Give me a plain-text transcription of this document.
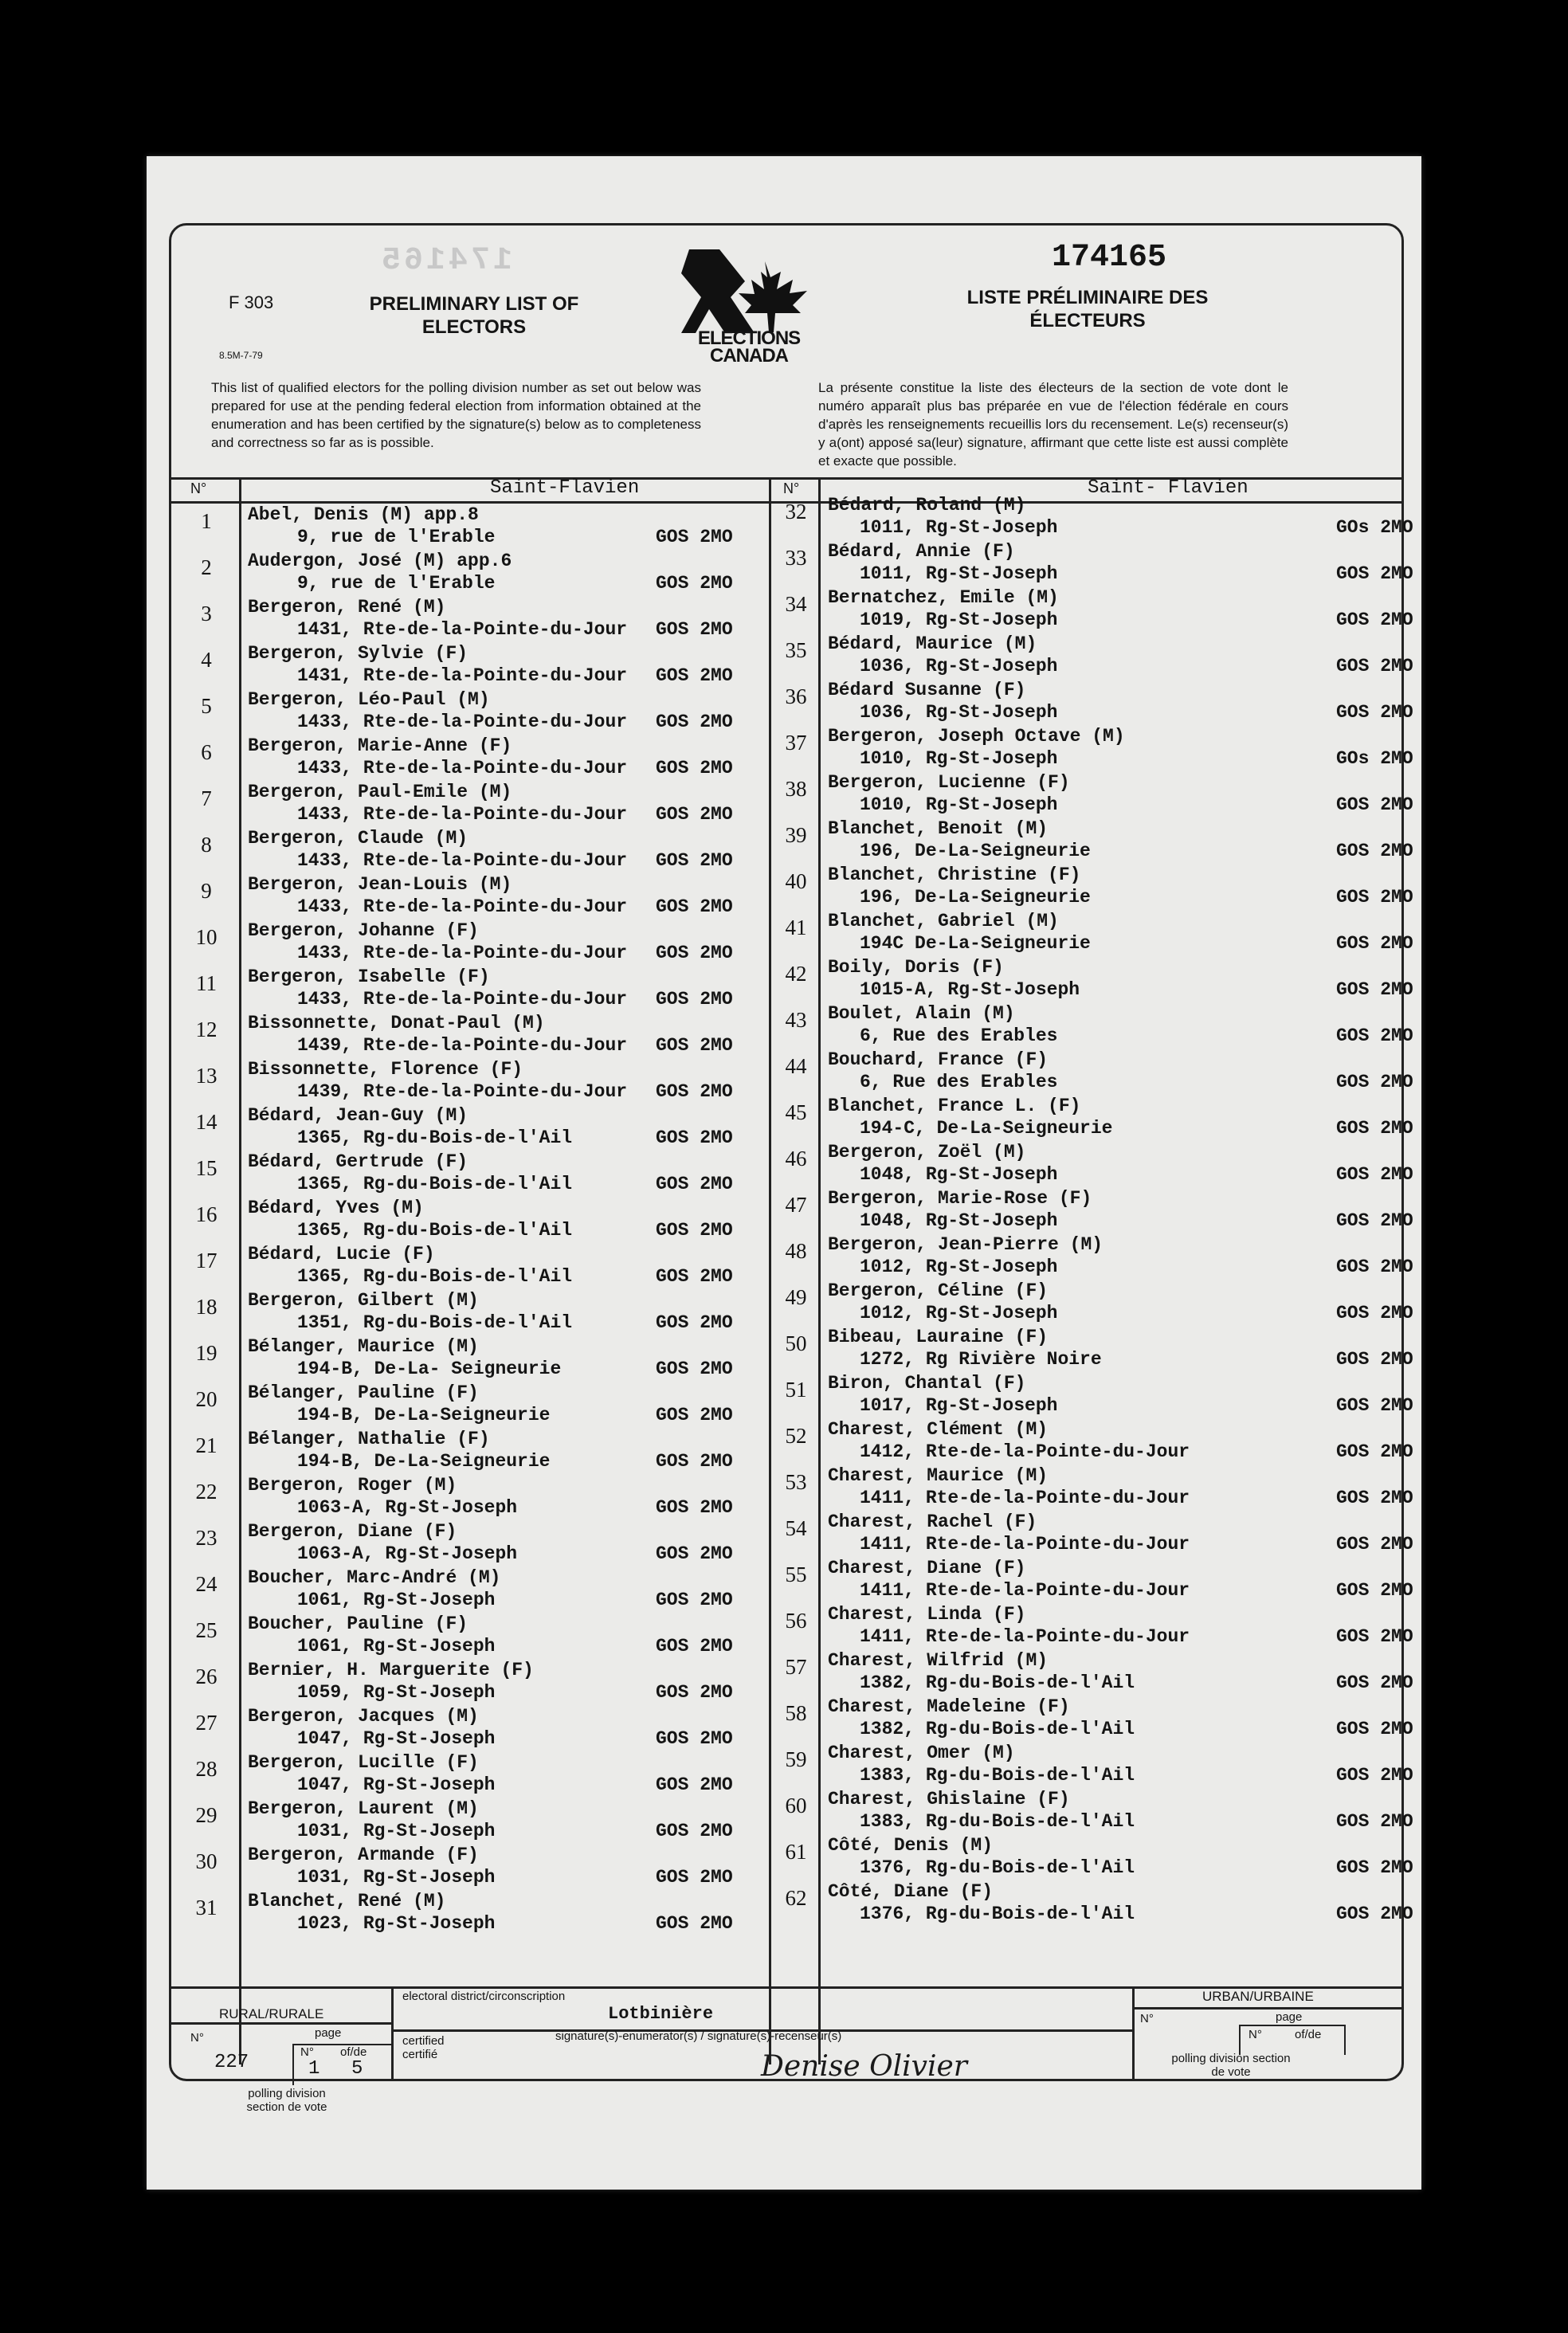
174165
F 303
8.5M-7-79
PRELIMINARY LIST OF ELECTORS
ELECTIONS
CANADA
174165
LISTE PRÉLIMINAIRE DES ÉLECTEURS
This list of qualified electors for the polling division number as set out below was prepared for use at the pending federal election from information obtained at the enumeration and has been certified by the signature(s) below as to completeness and correctness so far as is possible.
La présente constitue la liste des électeurs de la section de vote dont le numéro apparaît plus bas préparée en vue de l'élection fédérale en cours d'après les renseignements recueillis lors du recensement. Le(s) recenseur(s) y a(ont) apposé sa(leur) signature, affirmant que cette liste est aussi complète et exacte que possible.
N°	N°
Saint-Flavien	Saint- Flavien
1	Abel, Denis (M) app.8
9, rue de l'Erable	GOS 2MO
2	Audergon, José (M) app.6
9, rue de l'Erable	GOS 2MO
3	Bergeron, René (M)
1431, Rte-de-la-Pointe-du-Jour GOS 2MO
4	Bergeron, Sylvie (F)
1431, Rte-de-la-Pointe-du-Jour GOS 2MO
5	Bergeron, Léo-Paul (M)
1433, Rte-de-la-Pointe-du-Jour GOS 2MO
6	Bergeron, Marie-Anne (F)
1433, Rte-de-la-Pointe-du-Jour GOS 2MO
7	Bergeron, Paul-Emile (M)
1433, Rte-de-la-Pointe-du-Jour GOS 2MO
8	Bergeron, Claude (M)
1433, Rte-de-la-Pointe-du-Jour GOS 2MO
9	Bergeron, Jean-Louis (M)
1433, Rte-de-la-Pointe-du-Jour GOS 2MO
10	Bergeron, Johanne (F)
1433, Rte-de-la-Pointe-du-Jour GOS 2MO
11	Bergeron, Isabelle (F)
1433, Rte-de-la-Pointe-du-Jour GOS 2MO
12	Bissonnette, Donat-Paul (M)
1439, Rte-de-la-Pointe-du-Jour GOS 2MO
13	Bissonnette, Florence (F)
1439, Rte-de-la-Pointe-du-Jour GOS 2MO
14	Bédard, Jean-Guy (M)
1365, Rg-du-Bois-de-l'Ail	GOS 2MO
15	Bédard, Gertrude (F)
1365, Rg-du-Bois-de-l'Ail	GOS 2MO
16	Bédard, Yves (M)
1365, Rg-du-Bois-de-l'Ail	GOS 2MO
17	Bédard, Lucie (F)
1365, Rg-du-Bois-de-l'Ail	GOS 2MO
18	Bergeron, Gilbert (M)
1351, Rg-du-Bois-de-l'Ail	GOS 2MO
19	Bélanger, Maurice (M)
194-B, De-La- Seigneurie	GOS 2MO
20	Bélanger, Pauline (F)
194-B, De-La-Seigneurie	GOS 2MO
21	Bélanger, Nathalie (F)
194-B, De-La-Seigneurie	GOS 2MO
22	Bergeron, Roger (M)
1063-A, Rg-St-Joseph	GOS 2MO
23	Bergeron, Diane (F)
1063-A, Rg-St-Joseph	GOS 2MO
24	Boucher, Marc-André (M)
1061, Rg-St-Joseph	GOS 2MO
25	Boucher, Pauline (F)
1061, Rg-St-Joseph	GOS 2MO
26	Bernier, H. Marguerite (F)
1059, Rg-St-Joseph	GOS 2MO
27	Bergeron, Jacques (M)
1047, Rg-St-Joseph	GOS 2MO
28	Bergeron, Lucille (F)
1047, Rg-St-Joseph	GOS 2MO
29	Bergeron, Laurent (M)
1031, Rg-St-Joseph	GOS 2MO
30	Bergeron, Armande (F)
1031, Rg-St-Joseph	GOS 2MO
31	Blanchet, René (M)
1023, Rg-St-Joseph	GOS 2MO
32	Bédard, Roland (M)
1011, Rg-St-Joseph	GOs 2MO
33	Bédard, Annie (F)
1011, Rg-St-Joseph	GOS 2MO
34	Bernatchez, Emile (M)
1019, Rg-St-Joseph	GOS 2MO
35	Bédard, Maurice (M)
1036, Rg-St-Joseph	GOS 2MO
36	Bédard Susanne (F)
1036, Rg-St-Joseph	GOS 2MO
37	Bergeron, Joseph Octave (M)
1010, Rg-St-Joseph	GOs 2MO
38	Bergeron, Lucienne (F)
1010, Rg-St-Joseph	GOS 2MO
39	Blanchet, Benoit (M)
196, De-La-Seigneurie	GOS 2MO
40	Blanchet, Christine (F)
196, De-La-Seigneurie	GOS 2MO
41	Blanchet, Gabriel (M)
194C De-La-Seigneurie	GOS 2MO
42	Boily, Doris (F)
1015-A, Rg-St-Joseph	GOS 2MO
43	Boulet, Alain (M)
6, Rue des Erables	GOS 2MO
44	Bouchard, France (F)
6, Rue des Erables	GOS 2MO
45	Blanchet, France L. (F)
194-C, De-La-Seigneurie	GOS 2MO
46	Bergeron, Zoël (M)
1048, Rg-St-Joseph	GOS 2MO
47	Bergeron, Marie-Rose (F)
1048, Rg-St-Joseph	GOS 2MO
48	Bergeron, Jean-Pierre (M)
1012, Rg-St-Joseph	GOS 2MO
49	Bergeron, Céline (F)
1012, Rg-St-Joseph	GOS 2MO
50	Bibeau, Lauraine (F)
1272, Rg Rivière Noire	GOS 2MO
51	Biron, Chantal (F)
1017, Rg-St-Joseph	GOS 2MO
52	Charest, Clément (M)
1412, Rte-de-la-Pointe-du-Jour	GOS 2MO
53	Charest, Maurice (M)
1411, Rte-de-la-Pointe-du-Jour	GOS 2MO
54	Charest, Rachel (F)
1411, Rte-de-la-Pointe-du-Jour	GOS 2MO
55	Charest, Diane (F)
1411, Rte-de-la-Pointe-du-Jour	GOS 2MO
56	Charest, Linda (F)
1411, Rte-de-la-Pointe-du-Jour	GOS 2MO
57	Charest, Wilfrid (M)
1382, Rg-du-Bois-de-l'Ail	GOS 2MO
58	Charest, Madeleine (F)
1382, Rg-du-Bois-de-l'Ail	GOS 2MO
59	Charest, Omer (M)
1383, Rg-du-Bois-de-l'Ail	GOS 2MO
60	Charest, Ghislaine (F)
1383, Rg-du-Bois-de-l'Ail	GOS 2MO
61	Côté, Denis (M)
1376, Rg-du-Bois-de-l'Ail	GOS 2MO
62	Côté, Diane (F)
1376, Rg-du-Bois-de-l'Ail	GOS 2MO
RURAL/RURALE
N°	page
227	N° of/de
1 5
polling division section de vote
electoral district/circonscription
Lotbinière
certified certifié
signature(s)-enumerator(s) / signature(s)-recenseur(s)
Denise Olivier
URBAN/URBAINE
N°	page
N°	of/de
polling division section de vote
